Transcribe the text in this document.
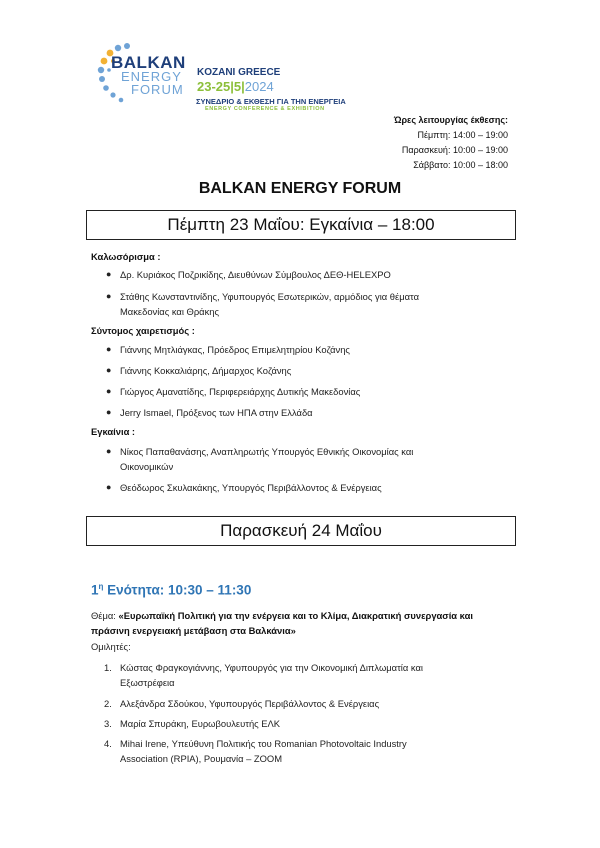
BALKAN
ENERGY
FORUM
KOZANI GREECE
23-25|5|2024
ΣΥΝΕΔΡΙΟ & ΕΚΘΕΣΗ ΓΙΑ ΤΗΝ ΕΝΕΡΓΕΙΑ
ENERGY CONFERENCE & EXHIBITION
Ώρες λειτουργίας έκθεσης:
Πέμπτη: 14:00 – 19:00
Παρασκευή: 10:00 – 19:00
Σάββατο: 10:00 – 18:00
BALKAN ENERGY FORUM
Πέμπτη 23 Μαΐου: Εγκαίνια – 18:00
Καλωσόρισμα :
● Δρ. Κυριάκος Ποζρικίδης, Διευθύνων Σύμβουλος ΔΕΘ-HELEXPO
● Στάθης Κωνσταντινίδης, Υφυπουργός Εσωτερικών, αρμόδιος για θέματα
Μακεδονίας και Θράκης
Σύντομος χαιρετισμός :
● Γιάννης Μητλιάγκας, Πρόεδρος Επιμελητηρίου Κοζάνης
● Γιάννης Κοκκαλιάρης, Δήμαρχος Κοζάνης
● Γιώργος Αμανατίδης, Περιφερειάρχης Δυτικής Μακεδονίας
● Jerry Ismael, Πρόξενος των ΗΠΑ στην Ελλάδα
Εγκαίνια :
● Νίκος Παπαθανάσης, Αναπληρωτής Υπουργός Εθνικής Οικονομίας και
Οικονομικών
● Θεόδωρος Σκυλακάκης, Υπουργός Περιβάλλοντος & Ενέργειας
Παρασκευή 24 Μαΐου
$1^\eta$ Ενότητα: 10:30 – 11:30
Θέμα: «Ευρωπαϊκή Πολιτική για την ενέργεια και το Κλίμα, Διακρατική συνεργασία και πράσινη ενεργειακή μετάβαση στα Βαλκάνια»
Ομιλητές:
1. Κώστας Φραγκογιάννης, Υφυπουργός για την Οικονομική Διπλωματία και
Εξωστρέφεια
2. Αλεξάνδρα Σδούκου, Υφυπουργός Περιβάλλοντος & Ενέργειας
3. Μαρία Σπυράκη, Ευρωβουλευτής ΕΛΚ
4. Mihai Irene, Υπεύθυνη Πολιτικής του Romanian Photovoltaic Industry
Association (RPIA), Ρουμανία – ZOOM
